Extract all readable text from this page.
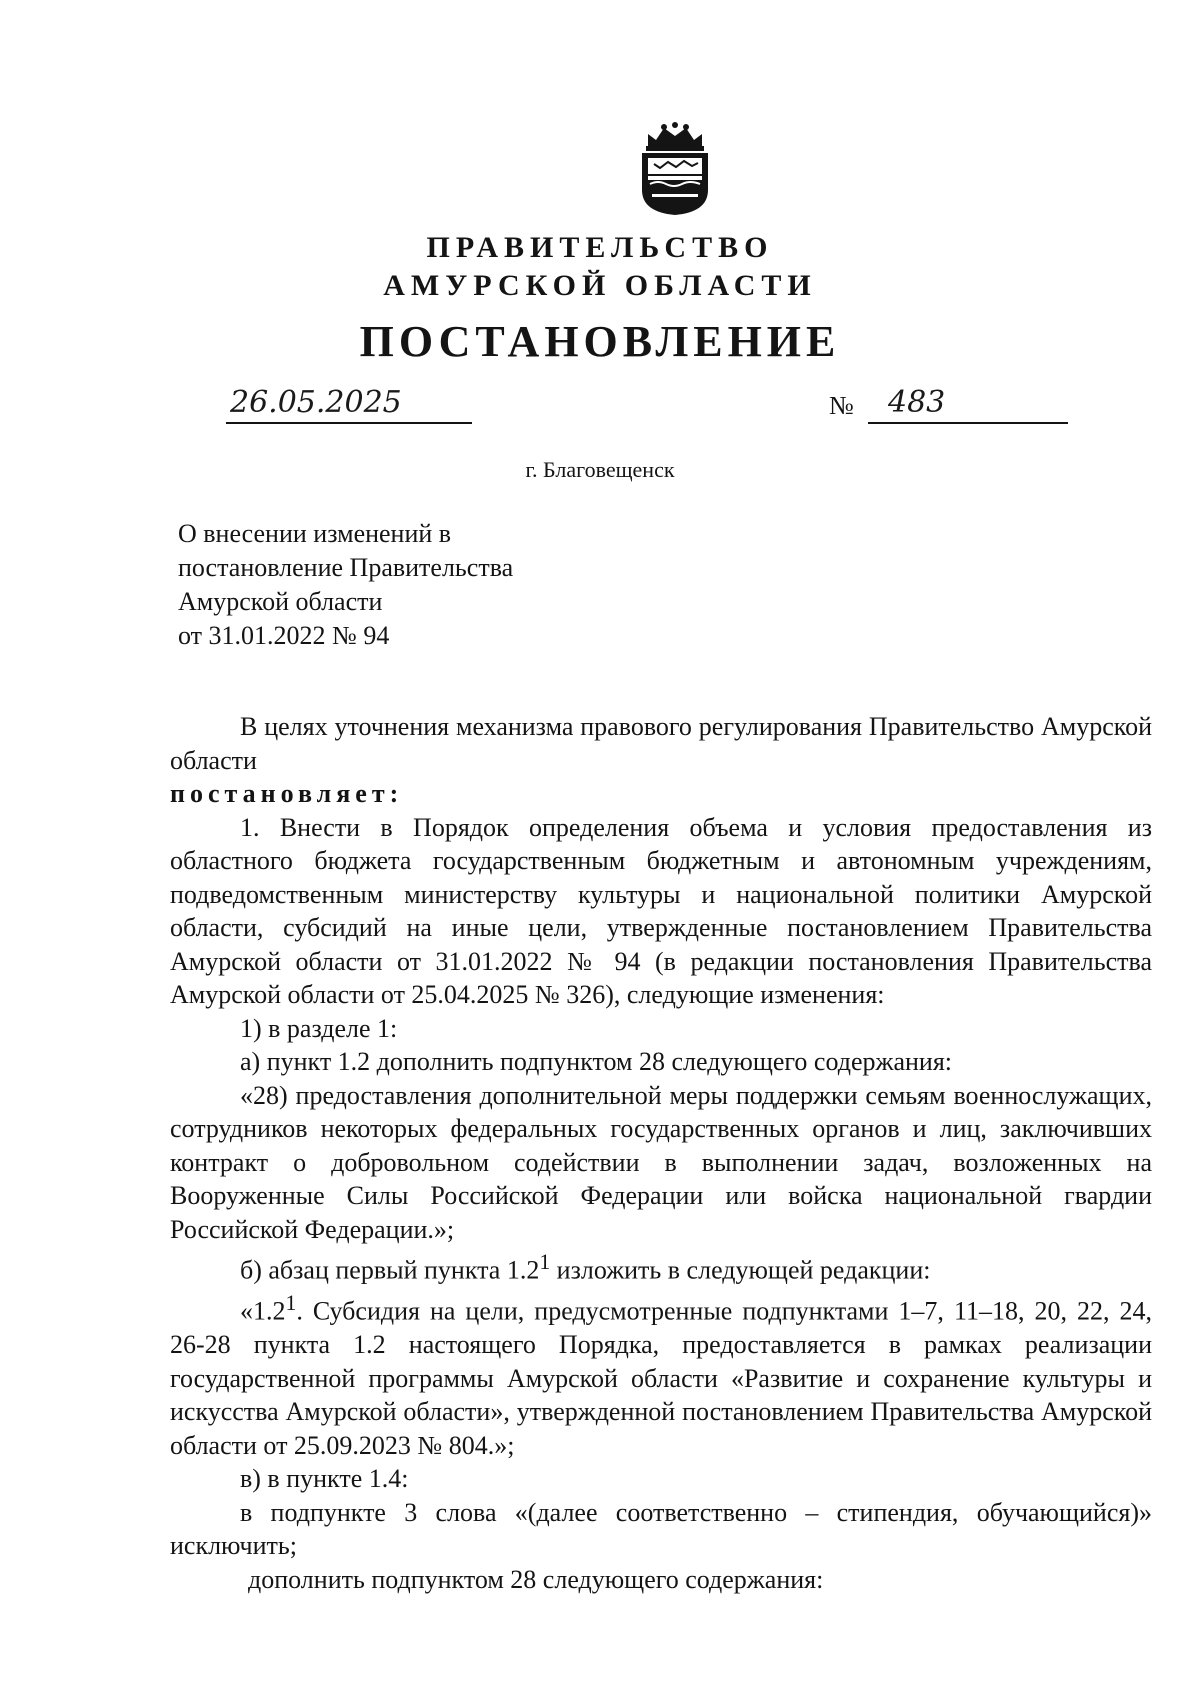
ПРАВИТЕЛЬСТВО
АМУРСКОЙ ОБЛАСТИ
ПОСТАНОВЛЕНИЕ
26.05.2025	№ 483
г. Благовещенск
О внесении изменений в
постановление Правительства
Амурской области
от 31.01.2022 № 94

В целях уточнения механизма правового регулирования Правительство Амурской области

постановляет:

1. Внести в Порядок определения объема и условия предоставления из областного бюджета государственным бюджетным и автономным учреждениям, подведомственным министерству культуры и национальной политики Амурской области, субсидий на иные цели, утвержденные постановлением Правительства Амурской области от 31.01.2022 № 94 (в редакции постановления Правительства Амурской области от 25.04.2025 № 326), следующие изменения:

1) в разделе 1:

а) пункт 1.2 дополнить подпунктом 28 следующего содержания:

«28) предоставления дополнительной меры поддержки семьям военнослужащих, сотрудников некоторых федеральных государственных органов и лиц, заключивших контракт о добровольном содействии в выполнении задач, возложенных на Вооруженные Силы Российской Федерации или войска национальной гвардии Российской Федерации.»;

б) абзац первый пункта $1.2^1$ изложить в следующей редакции:

«$1.2^1$. Субсидия на цели, предусмотренные подпунктами 1–7, 11–18, 20, 22, 24, 26-28 пункта 1.2 настоящего Порядка, предоставляется в рамках реализации государственной программы Амурской области «Развитие и сохранение культуры и искусства Амурской области», утвержденной постановлением Правительства Амурской области от 25.09.2023 № 804.»;

в) в пункте 1.4:

в подпункте 3 слова «(далее соответственно – стипендия, обучающийся)» исключить;

дополнить подпунктом 28 следующего содержания:
